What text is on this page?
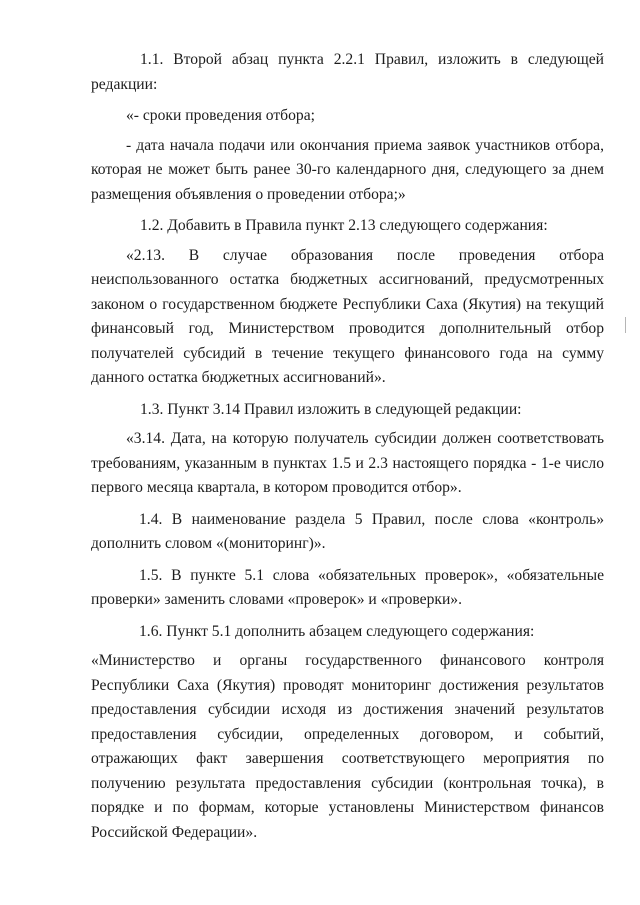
1.1. Второй абзац пункта 2.2.1 Правил, изложить в следующей редакции:

«- сроки проведения отбора;

- дата начала подачи или окончания приема заявок участников отбора, которая не может быть ранее 30-го календарного дня, следующего за днем размещения объявления о проведении отбора;»

1.2. Добавить в Правила пункт 2.13 следующего содержания:

«2.13. В случае образования после проведения отбора неиспользованного остатка бюджетных ассигнований, предусмотренных законом о государственном бюджете Республики Саха (Якутия) на текущий финансовый год, Министерством проводится дополнительный отбор получателей субсидий в течение текущего финансового года на сумму данного остатка бюджетных ассигнований».

1.3. Пункт 3.14 Правил изложить в следующей редакции:

«3.14. Дата, на которую получатель субсидии должен соответствовать требованиям, указанным в пунктах 1.5 и 2.3 настоящего порядка - 1-е число первого месяца квартала, в котором проводится отбор».

1.4. В наименование раздела 5 Правил, после слова «контроль» дополнить словом «(мониторинг)».

1.5. В пункте 5.1 слова «обязательных проверок», «обязательные проверки» заменить словами «проверок» и «проверки».

1.6. Пункт 5.1 дополнить абзацем следующего содержания:

«Министерство и органы государственного финансового контроля Республики Саха (Якутия) проводят мониторинг достижения результатов предоставления субсидии исходя из достижения значений результатов предоставления субсидии, определенных договором, и событий, отражающих факт завершения соответствующего мероприятия по получению результата предоставления субсидии (контрольная точка), в порядке и по формам, которые установлены Министерством финансов Российской Федерации».
